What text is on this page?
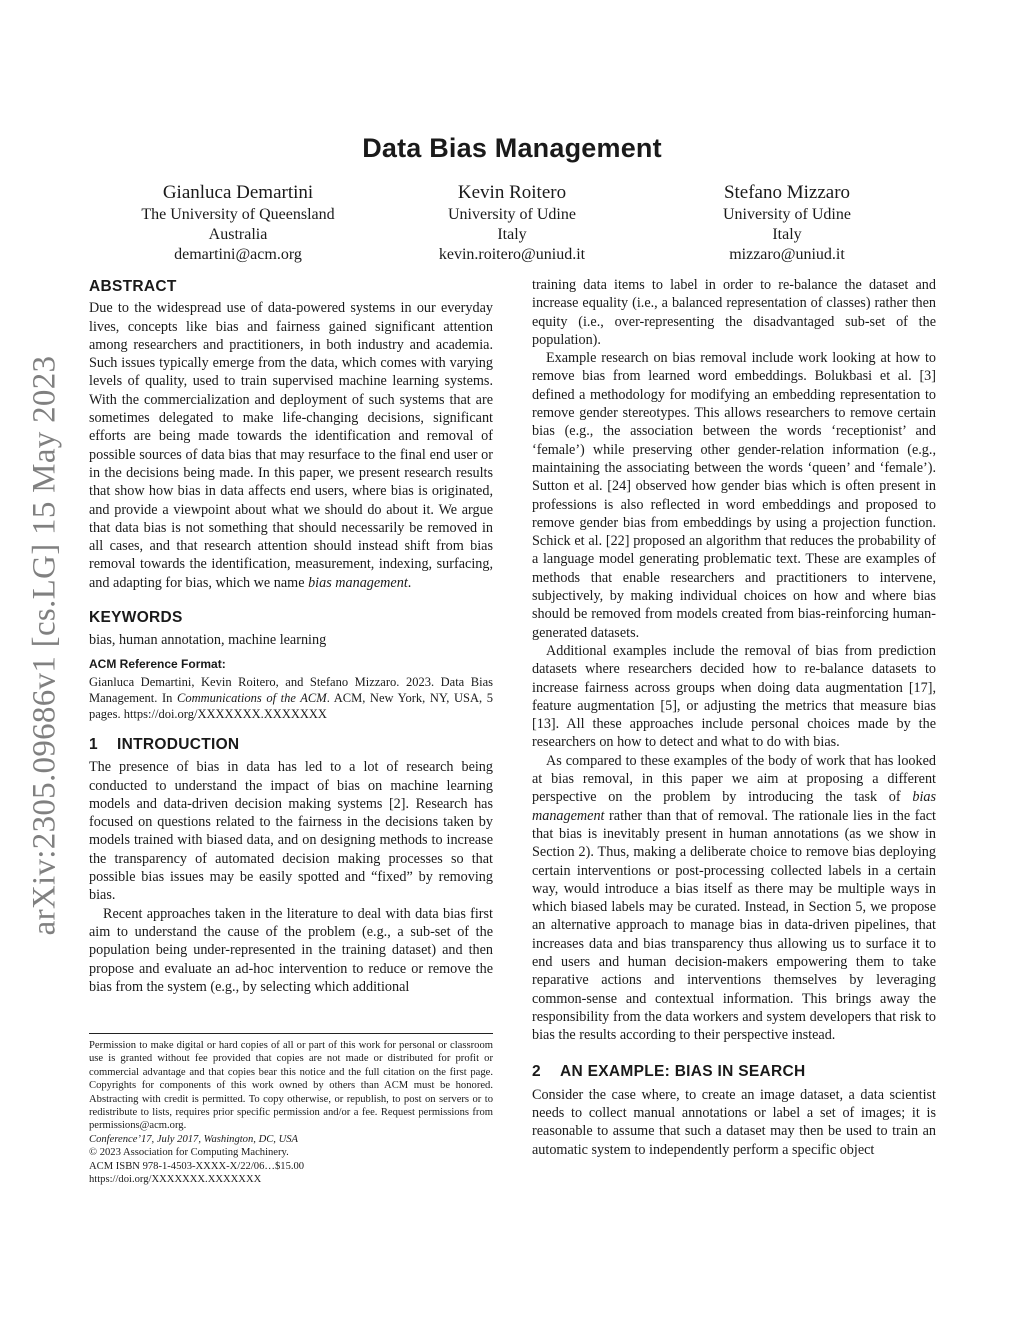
arXiv:2305.09686v1 [cs.LG] 15 May 2023
Data Bias Management
Gianluca Demartini
The University of Queensland
Australia
demartini@acm.org
Kevin Roitero
University of Udine
Italy
kevin.roitero@uniud.it
Stefano Mizzaro
University of Udine
Italy
mizzaro@uniud.it
ABSTRACT

Due to the widespread use of data-powered systems in our everyday lives, concepts like bias and fairness gained significant attention among researchers and practitioners, in both industry and academia. Such issues typically emerge from the data, which comes with varying levels of quality, used to train supervised machine learning systems. With the commercialization and deployment of such systems that are sometimes delegated to make life-changing decisions, significant efforts are being made towards the identification and removal of possible sources of data bias that may resurface to the final end user or in the decisions being made. In this paper, we present research results that show how bias in data affects end users, where bias is originated, and provide a viewpoint about what we should do about it. We argue that data bias is not something that should necessarily be removed in all cases, and that research attention should instead shift from bias removal towards the identification, measurement, indexing, surfacing, and adapting for bias, which we name bias management.

KEYWORDS

bias, human annotation, machine learning

ACM Reference Format:

Gianluca Demartini, Kevin Roitero, and Stefano Mizzaro. 2023. Data Bias Management. In Communications of the ACM. ACM, New York, NY, USA, 5 pages. https://doi.org/XXXXXXX.XXXXXXX

1 INTRODUCTION

The presence of bias in data has led to a lot of research being conducted to understand the impact of bias on machine learning models and data-driven decision making systems [2]. Research has focused on questions related to the fairness in the decisions taken by models trained with biased data, and on designing methods to increase the transparency of automated decision making processes so that possible bias issues may be easily spotted and “fixed” by removing bias.

Recent approaches taken in the literature to deal with data bias first aim to understand the cause of the problem (e.g., a sub-set of the population being under-represented in the training dataset) and then propose and evaluate an ad-hoc intervention to reduce or remove the bias from the system (e.g., by selecting which additional

Permission to make digital or hard copies of all or part of this work for personal or classroom use is granted without fee provided that copies are not made or distributed for profit or commercial advantage and that copies bear this notice and the full citation on the first page. Copyrights for components of this work owned by others than ACM must be honored. Abstracting with credit is permitted. To copy otherwise, or republish, to post on servers or to redistribute to lists, requires prior specific permission and/or a fee. Request permissions from permissions@acm.org.

Conference’17, July 2017, Washington, DC, USA

© 2023 Association for Computing Machinery.

ACM ISBN 978-1-4503-XXXX-X/22/06…$15.00

https://doi.org/XXXXXXX.XXXXXXX

training data items to label in order to re-balance the dataset and increase equality (i.e., a balanced representation of classes) rather then equity (i.e., over-representing the disadvantaged sub-set of the population).

Example research on bias removal include work looking at how to remove bias from learned word embeddings. Bolukbasi et al. [3] defined a methodology for modifying an embedding representation to remove gender stereotypes. This allows researchers to remove certain bias (e.g., the association between the words ‘receptionist’ and ‘female’) while preserving other gender-relation information (e.g., maintaining the associating between the words ‘queen’ and ‘female’). Sutton et al. [24] observed how gender bias which is often present in professions is also reflected in word embeddings and proposed to remove gender bias from embeddings by using a projection function. Schick et al. [22] proposed an algorithm that reduces the probability of a language model generating problematic text. These are examples of methods that enable researchers and practitioners to intervene, subjectively, by making individual choices on how and where bias should be removed from models created from bias-reinforcing human-generated datasets.

Additional examples include the removal of bias from prediction datasets where researchers decided how to re-balance datasets to increase fairness across groups when doing data augmentation [17], feature augmentation [5], or adjusting the metrics that measure bias [13]. All these approaches include personal choices made by the researchers on how to detect and what to do with bias.

As compared to these examples of the body of work that has looked at bias removal, in this paper we aim at proposing a different perspective on the problem by introducing the task of bias management rather than that of removal. The rationale lies in the fact that bias is inevitably present in human annotations (as we show in Section 2). Thus, making a deliberate choice to remove bias deploying certain interventions or post-processing collected labels in a certain way, would introduce a bias itself as there may be multiple ways in which biased labels may be curated. Instead, in Section 5, we propose an alternative approach to manage bias in data-driven pipelines, that increases data and bias transparency thus allowing us to surface it to end users and human decision-makers empowering them to take reparative actions and interventions themselves by leveraging common-sense and contextual information. This brings away the responsibility from the data workers and system developers that risk to bias the results according to their perspective instead.

2 AN EXAMPLE: BIAS IN SEARCH

Consider the case where, to create an image dataset, a data scientist needs to collect manual annotations or label a set of images; it is reasonable to assume that such a dataset may then be used to train an automatic system to independently perform a specific object
